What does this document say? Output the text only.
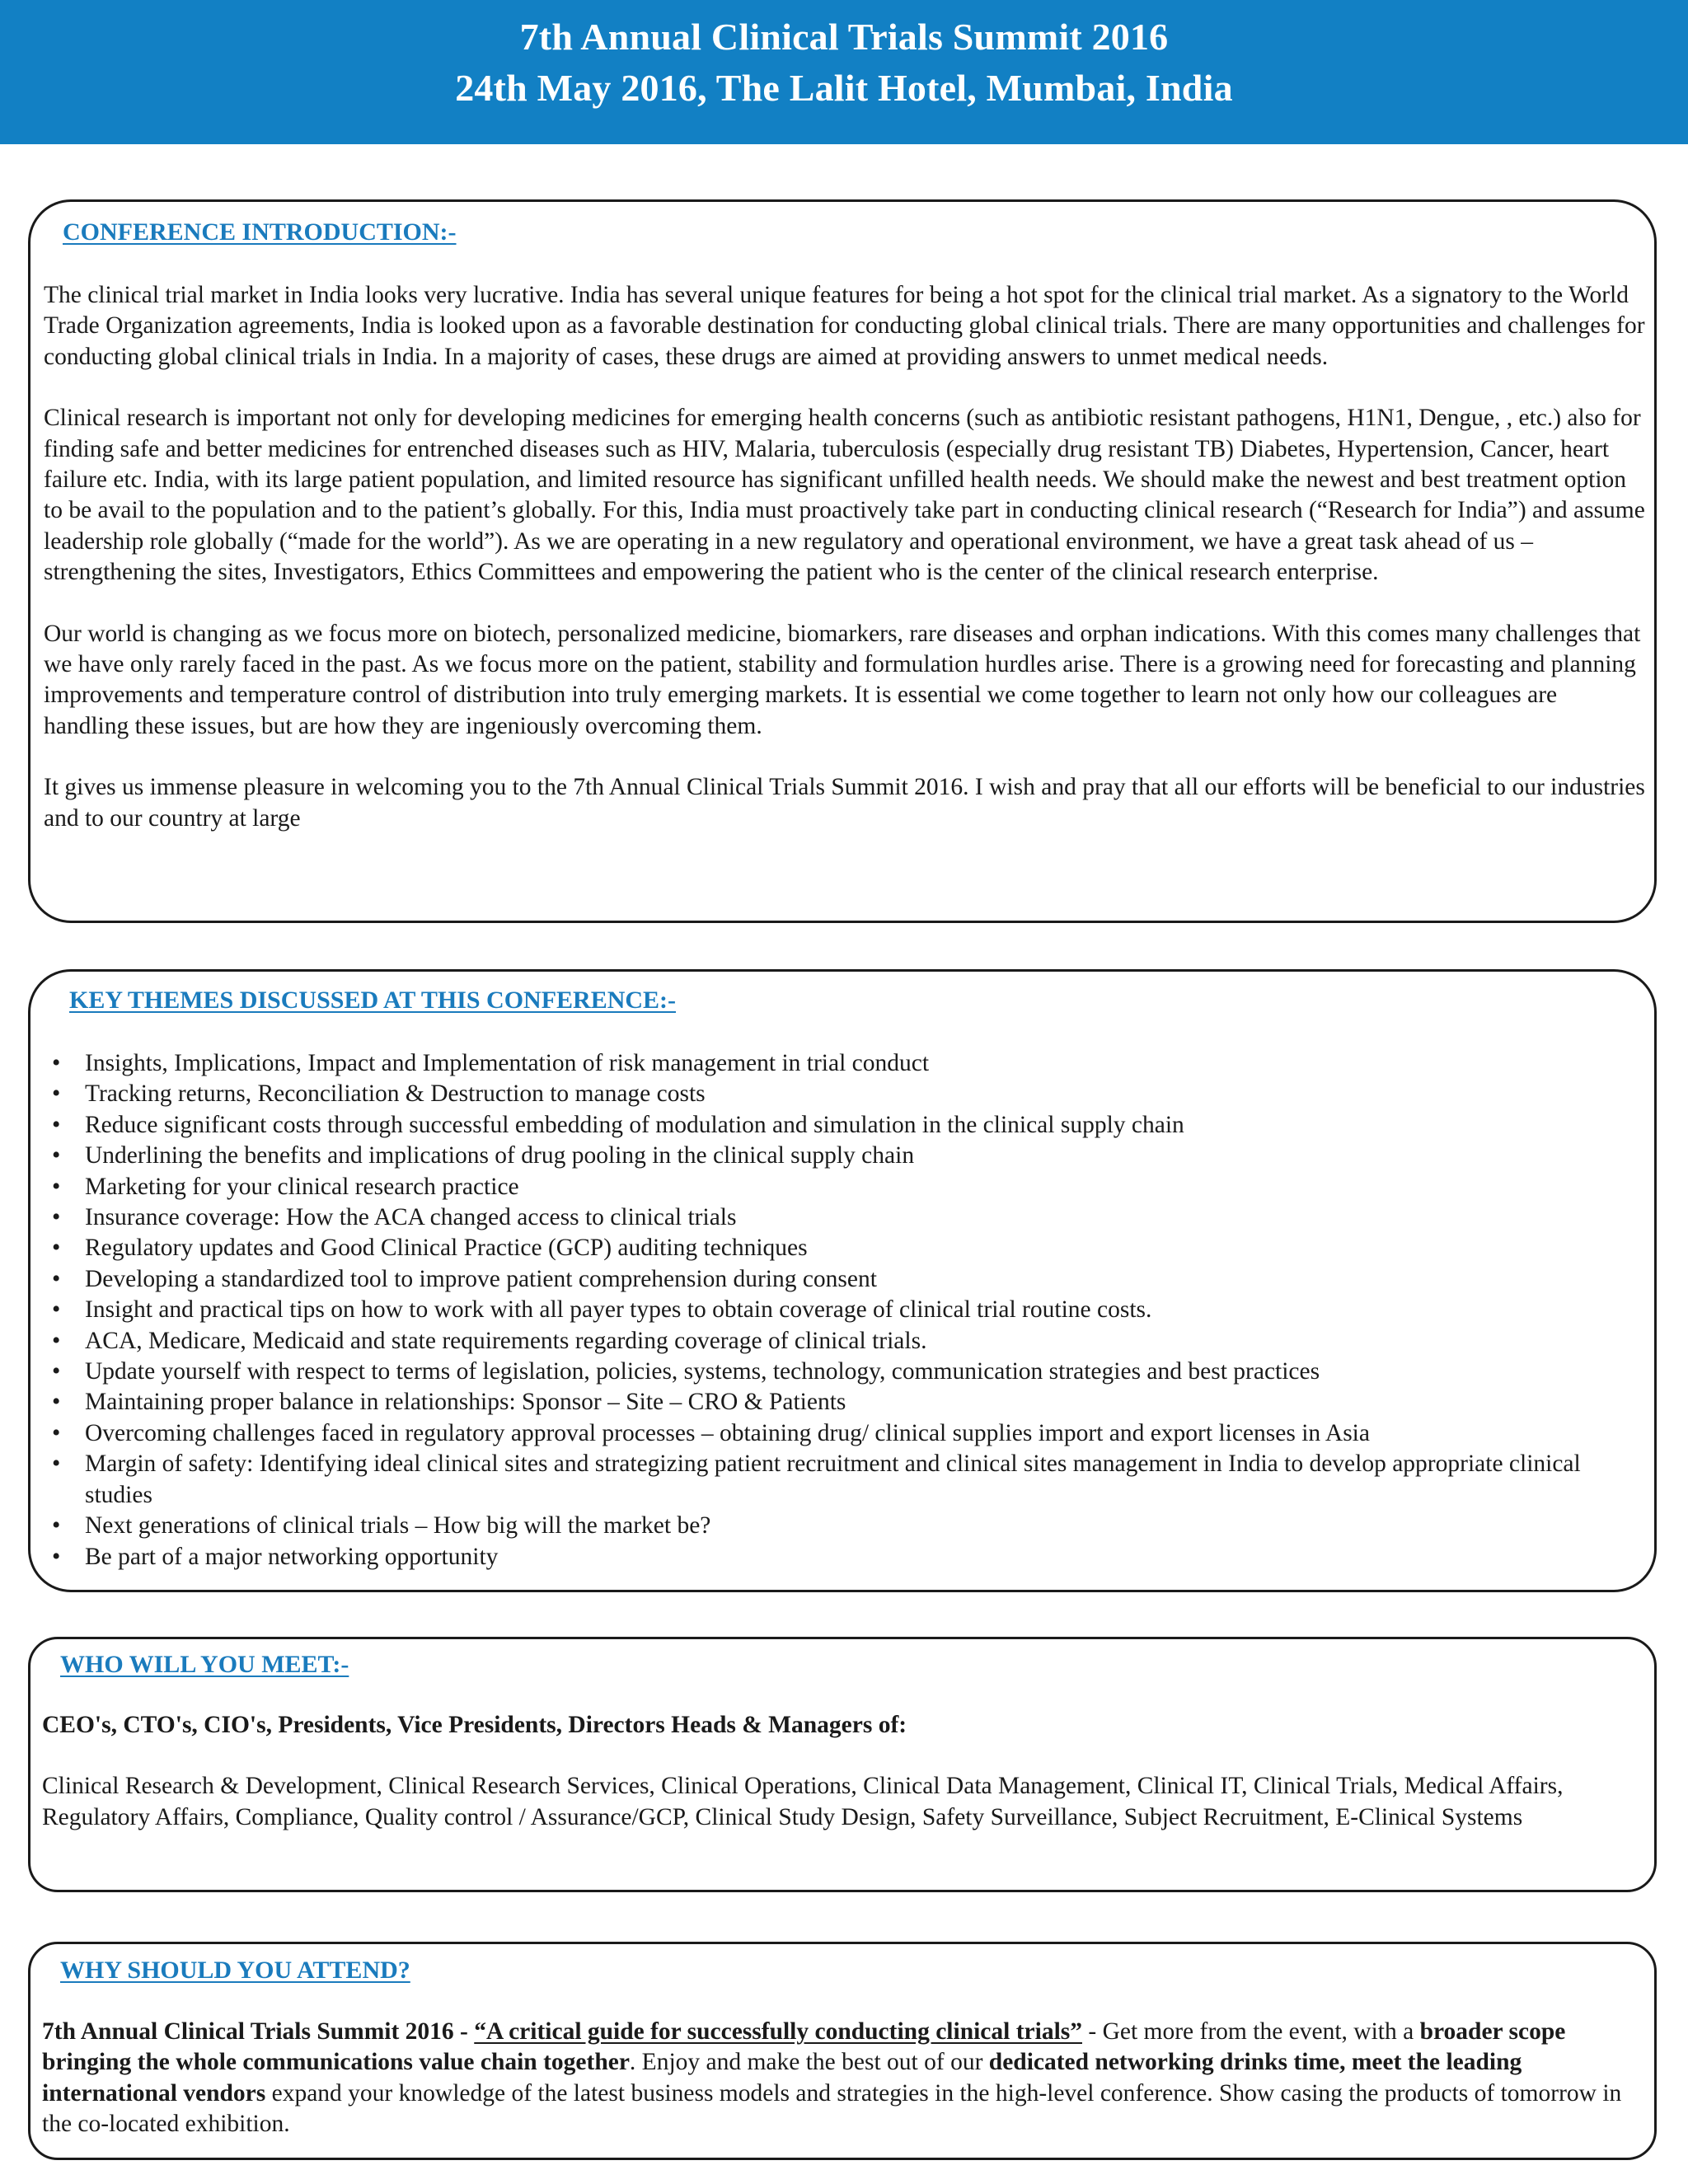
7th Annual Clinical Trials Summit 2016
24th May 2016, The Lalit Hotel, Mumbai, India
CONFERENCE INTRODUCTION:-

The clinical trial market in India looks very lucrative. India has several unique features for being a hot spot for the clinical trial market. As a signatory to the World Trade Organization agreements, India is looked upon as a favorable destination for conducting global clinical trials. There are many opportunities and challenges for conducting global clinical trials in India. In a majority of cases, these drugs are aimed at providing answers to unmet medical needs.

Clinical research is important not only for developing medicines for emerging health concerns (such as antibiotic resistant pathogens, H1N1, Dengue, , etc.) also for finding safe and better medicines for entrenched diseases such as HIV, Malaria, tuberculosis (especially drug resistant TB) Diabetes, Hypertension, Cancer, heart failure etc. India, with its large patient population, and limited resource has significant unfilled health needs. We should make the newest and best treatment option to be avail to the population and to the patient’s globally. For this, India must proactively take part in conducting clinical research (“Research for India”) and assume leadership role globally (“made for the world”). As we are operating in a new regulatory and operational environment, we have a great task ahead of us – strengthening the sites, Investigators, Ethics Committees and empowering the patient who is the center of the clinical research enterprise.

Our world is changing as we focus more on biotech, personalized medicine, biomarkers, rare diseases and orphan indications. With this comes many challenges that we have only rarely faced in the past. As we focus more on the patient, stability and formulation hurdles arise. There is a growing need for forecasting and planning improvements and temperature control of distribution into truly emerging markets. It is essential we come together to learn not only how our colleagues are handling these issues, but are how they are ingeniously overcoming them.

It gives us immense pleasure in welcoming you to the 7th Annual Clinical Trials Summit 2016. I wish and pray that all our efforts will be beneficial to our industries and to our country at large

KEY THEMES DISCUSSED AT THIS CONFERENCE:-
• Insights, Implications, Impact and Implementation of risk management in trial conduct
• Tracking returns, Reconciliation & Destruction to manage costs
• Reduce significant costs through successful embedding of modulation and simulation in the clinical supply chain
• Underlining the benefits and implications of drug pooling in the clinical supply chain
• Marketing for your clinical research practice
• Insurance coverage: How the ACA changed access to clinical trials
• Regulatory updates and Good Clinical Practice (GCP) auditing techniques
• Developing a standardized tool to improve patient comprehension during consent
• Insight and practical tips on how to work with all payer types to obtain coverage of clinical trial routine costs.
• ACA, Medicare, Medicaid and state requirements regarding coverage of clinical trials.
• Update yourself with respect to terms of legislation, policies, systems, technology, communication strategies and best practices
• Maintaining proper balance in relationships: Sponsor – Site – CRO & Patients
• Overcoming challenges faced in regulatory approval processes – obtaining drug/ clinical supplies import and export licenses in Asia
• Margin of safety: Identifying ideal clinical sites and strategizing patient recruitment and clinical sites management in India to develop appropriate clinical studies
• Next generations of clinical trials – How big will the market be?
• Be part of a major networking opportunity
WHO WILL YOU MEET:-

CEO's, CTO's, CIO's, Presidents, Vice Presidents, Directors Heads & Managers of:

Clinical Research & Development, Clinical Research Services, Clinical Operations, Clinical Data Management, Clinical IT, Clinical Trials, Medical Affairs, Regulatory Affairs, Compliance, Quality control / Assurance/GCP, Clinical Study Design, Safety Surveillance, Subject Recruitment, E-Clinical Systems

WHY SHOULD YOU ATTEND?

7th Annual Clinical Trials Summit 2016 - “A critical guide for successfully conducting clinical trials” - Get more from the event, with a broader scope bringing the whole communications value chain together. Enjoy and make the best out of our dedicated networking drinks time, meet the leading international vendors expand your knowledge of the latest business models and strategies in the high-level conference. Show casing the products of tomorrow in the co-located exhibition.
